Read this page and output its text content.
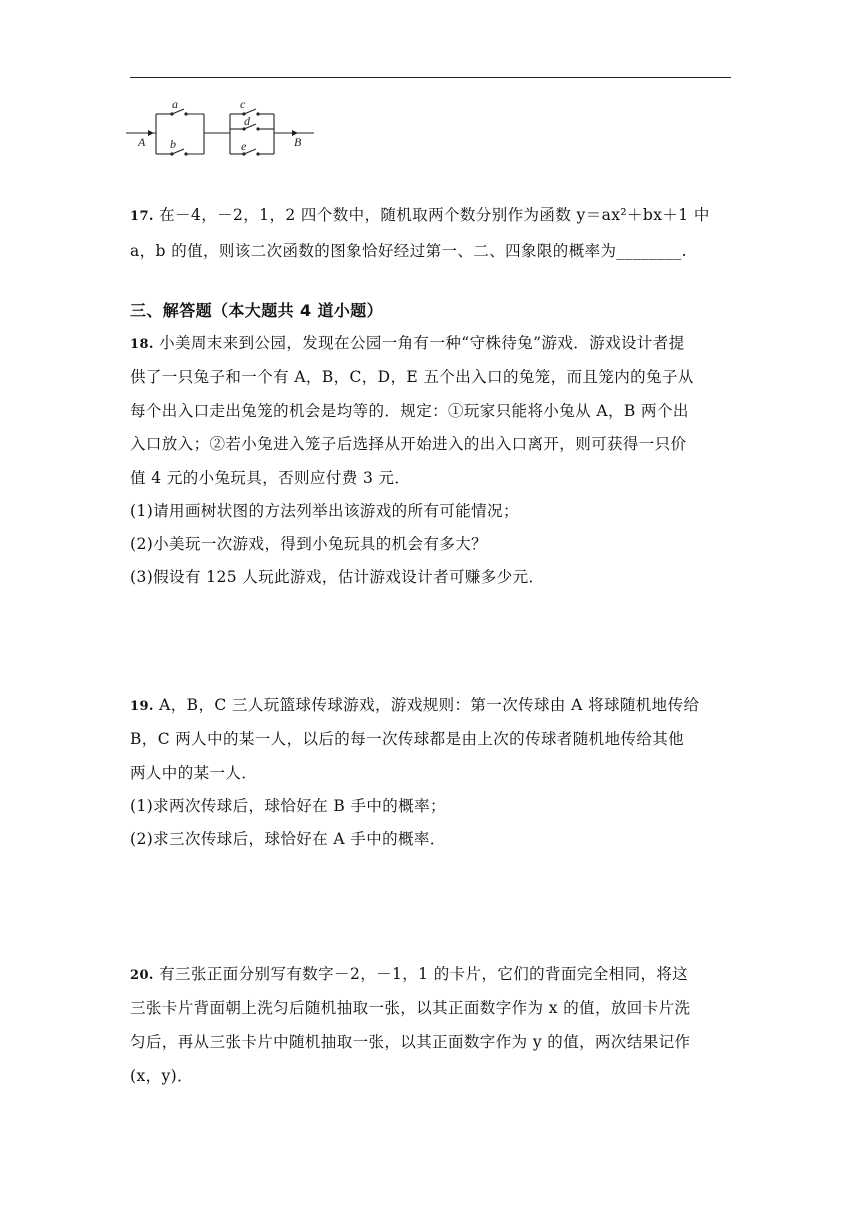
a
b
c
d
e
A	B
17. 在－4，－2，1，2 四个数中，随机取两个数分别作为函数 y＝ax²＋bx＋1 中
a，b 的值，则该二次函数的图象恰好经过第一、二、四象限的概率为________.
三、解答题（本大题共 4 道小题）
18. 小美周末来到公园，发现在公园一角有一种“守株待兔”游戏．游戏设计者提
供了一只兔子和一个有 A，B，C，D，E 五个出入口的兔笼，而且笼内的兔子从
每个出入口走出兔笼的机会是均等的．规定：①玩家只能将小兔从 A，B 两个出
入口放入；②若小兔进入笼子后选择从开始进入的出入口离开，则可获得一只价
值 4 元的小兔玩具，否则应付费 3 元．
(1)请用画树状图的方法列举出该游戏的所有可能情况；
(2)小美玩一次游戏，得到小兔玩具的机会有多大？
(3)假设有 125 人玩此游戏，估计游戏设计者可赚多少元．
19. A，B，C 三人玩篮球传球游戏，游戏规则：第一次传球由 A 将球随机地传给
B，C 两人中的某一人，以后的每一次传球都是由上次的传球者随机地传给其他
两人中的某一人．
(1)求两次传球后，球恰好在 B 手中的概率；
(2)求三次传球后，球恰好在 A 手中的概率．
20. 有三张正面分别写有数字－2，－1，1 的卡片，它们的背面完全相同，将这
三张卡片背面朝上洗匀后随机抽取一张，以其正面数字作为 x 的值，放回卡片洗
匀后，再从三张卡片中随机抽取一张，以其正面数字作为 y 的值，两次结果记作
(x，y)．
